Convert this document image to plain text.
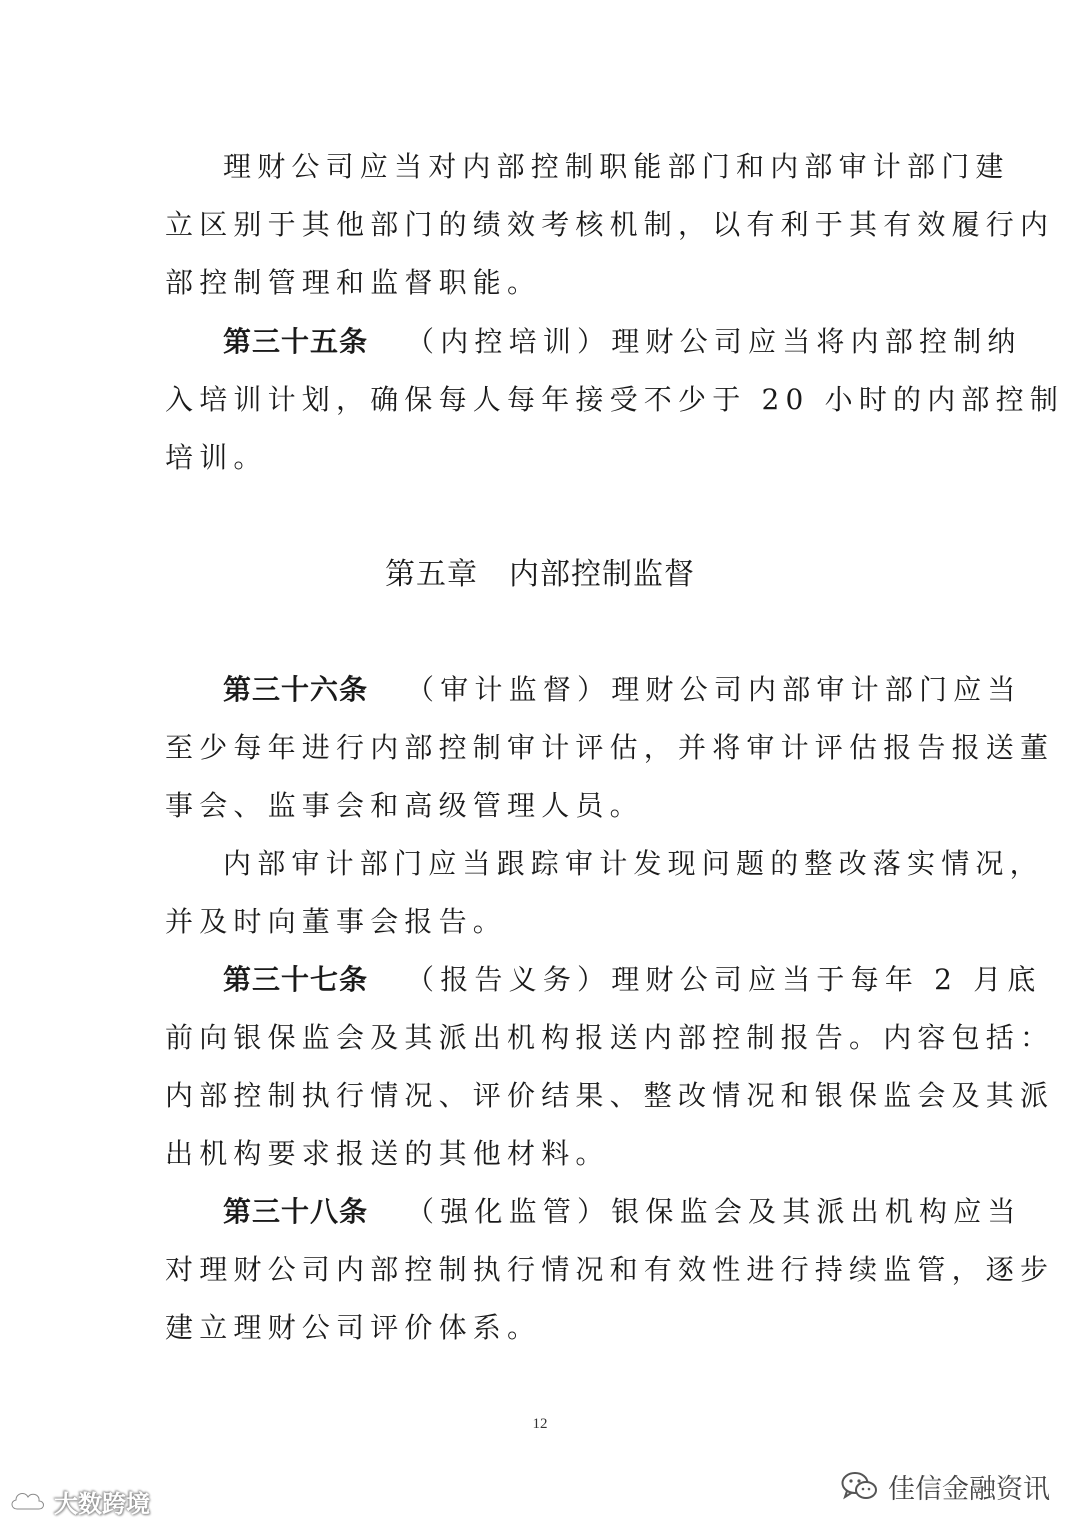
理财公司应当对内部控制职能部门和内部审计部门建
立区别于其他部门的绩效考核机制，以有利于其有效履行内
部控制管理和监督职能。
第三十五条 （内控培训）理财公司应当将内部控制纳
入培训计划，确保每人每年接受不少于 20 小时的内部控制
培训。
第五章　内部控制监督
第三十六条 （审计监督）理财公司内部审计部门应当
至少每年进行内部控制审计评估，并将审计评估报告报送董
事会、监事会和高级管理人员。
内部审计部门应当跟踪审计发现问题的整改落实情况，
并及时向董事会报告。
第三十七条 （报告义务）理财公司应当于每年 2 月底
前向银保监会及其派出机构报送内部控制报告。内容包括：
内部控制执行情况、评价结果、整改情况和银保监会及其派
出机构要求报送的其他材料。
第三十八条 （强化监管）银保监会及其派出机构应当
对理财公司内部控制执行情况和有效性进行持续监管，逐步
建立理财公司评价体系。
12
佳信金融资讯
大数跨境
